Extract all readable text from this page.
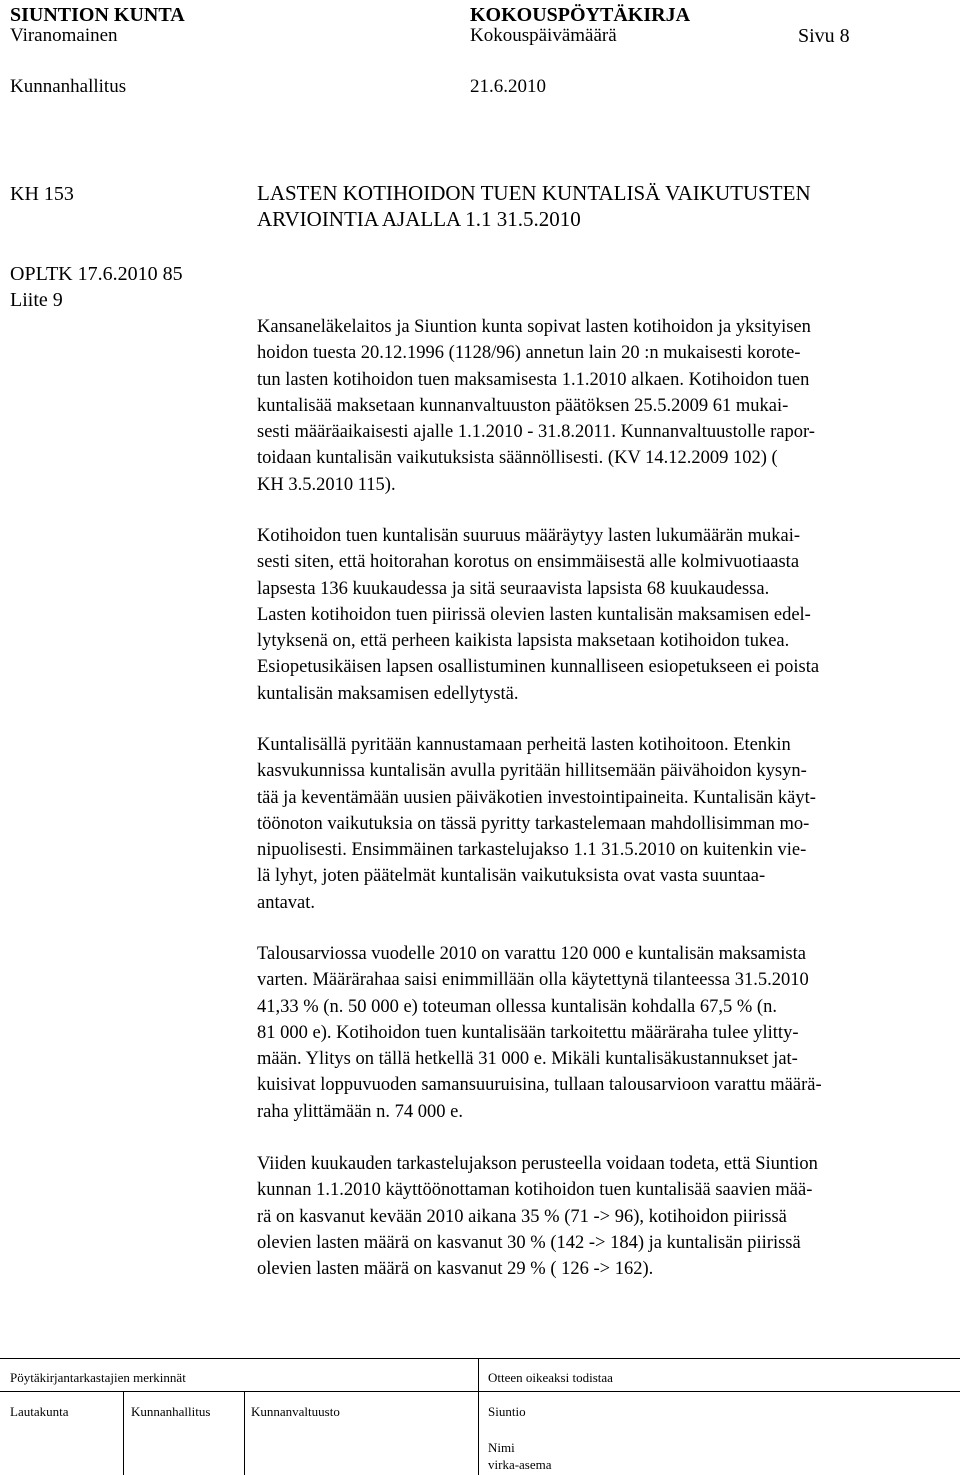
SIUNTION KUNTA	KOKOUSPÖYTÄKIRJA
Viranomainen	Kokouspäivämäärä	Sivu 8
Kunnanhallitus	21.6.2010
KH 153
OPLTK 17.6.2010 85
Liite 9
LASTEN KOTIHOIDON TUEN KUNTALISÄ VAIKUTUSTEN
ARVIOINTIA AJALLA 1.1 31.5.2010

Kansaneläkelaitos ja Siuntion kunta sopivat lasten kotihoidon ja yksityisen

hoidon tuesta 20.12.1996 (1128/96) annetun lain 20 :n mukaisesti korote-

tun lasten kotihoidon tuen maksamisesta 1.1.2010 alkaen. Kotihoidon tuen

kuntalisää maksetaan kunnanvaltuuston päätöksen 25.5.2009 61 mukai-

sesti määräaikaisesti ajalle 1.1.2010 - 31.8.2011. Kunnanvaltuustolle rapor-

toidaan kuntalisän vaikutuksista säännöllisesti. (KV 14.12.2009 102) (

KH 3.5.2010 115).

Kotihoidon tuen kuntalisän suuruus määräytyy lasten lukumäärän mukai-

sesti siten, että hoitorahan korotus on ensimmäisestä alle kolmivuotiaasta

lapsesta 136 kuukaudessa ja sitä seuraavista lapsista 68 kuukaudessa.

Lasten kotihoidon tuen piirissä olevien lasten kuntalisän maksamisen edel-

lytyksenä on, että perheen kaikista lapsista maksetaan kotihoidon tukea.

Esiopetusikäisen lapsen osallistuminen kunnalliseen esiopetukseen ei poista

kuntalisän maksamisen edellytystä.

Kuntalisällä pyritään kannustamaan perheitä lasten kotihoitoon. Etenkin

kasvukunnissa kuntalisän avulla pyritään hillitsemään päivähoidon kysyn-

tää ja keventämään uusien päiväkotien investointipaineita. Kuntalisän käyt-

töönoton vaikutuksia on tässä pyritty tarkastelemaan mahdollisimman mo-

nipuolisesti. Ensimmäinen tarkastelujakso 1.1 31.5.2010 on kuitenkin vie-

lä lyhyt, joten päätelmät kuntalisän vaikutuksista ovat vasta suuntaa-

antavat.

Talousarviossa vuodelle 2010 on varattu 120 000 e kuntalisän maksamista

varten. Määrärahaa saisi enimmillään olla käytettynä tilanteessa 31.5.2010

41,33 % (n. 50 000 e) toteuman ollessa kuntalisän kohdalla 67,5 % (n.

81 000 e). Kotihoidon tuen kuntalisään tarkoitettu määräraha tulee ylitty-

mään. Ylitys on tällä hetkellä 31 000 e. Mikäli kuntalisäkustannukset jat-

kuisivat loppuvuoden samansuuruisina, tullaan talousarvioon varattu määrä-

raha ylittämään n. 74 000 e.

Viiden kuukauden tarkastelujakson perusteella voidaan todeta, että Siuntion

kunnan 1.1.2010 käyttöönottaman kotihoidon tuen kuntalisää saavien mää-

rä on kasvanut kevään 2010 aikana 35 % (71 -> 96), kotihoidon piirissä

olevien lasten määrä on kasvanut 30 % (142 -> 184) ja kuntalisän piirissä

olevien lasten määrä on kasvanut 29 % ( 126 -> 162).

Pöytäkirjantarkastajien merkinnät	Otteen oikeaksi todistaa
Lautakunta	Kunnanhallitus	Kunnanvaltuusto	Siuntio
Nimi
virka-asema
